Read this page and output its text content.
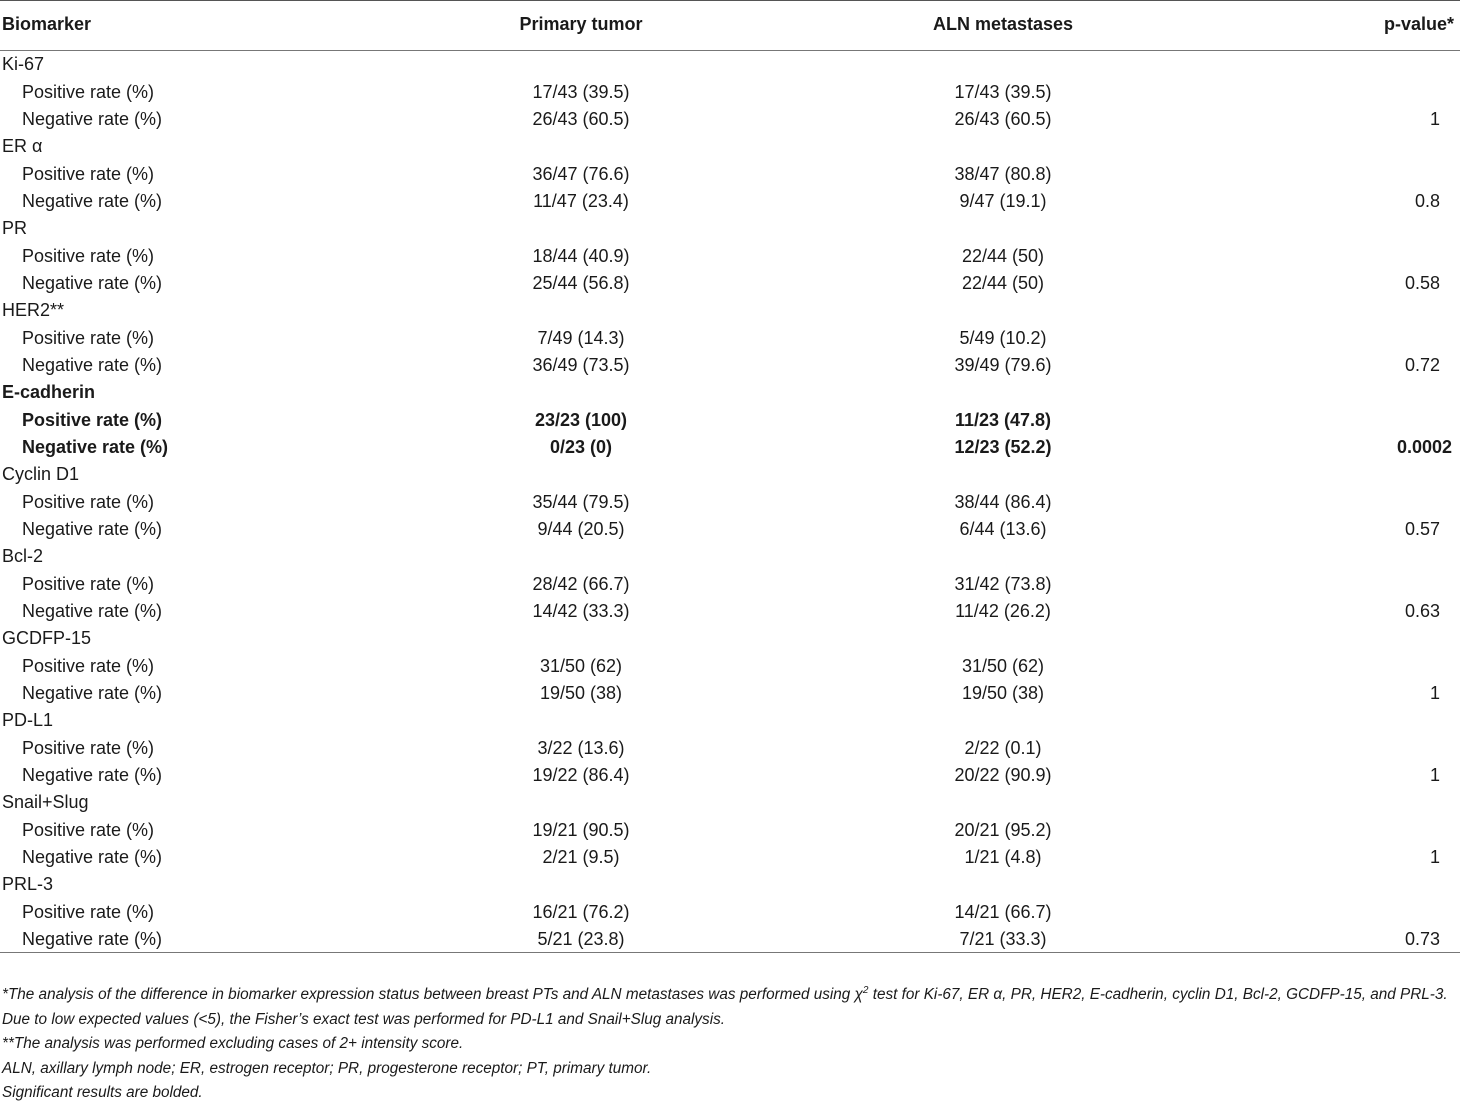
Biomarker	Primary tumor	ALN metastases	p-value*
Ki-67			
Positive rate (%)	17/43 (39.5)	17/43 (39.5)	
Negative rate (%)	26/43 (60.5)	26/43 (60.5)	1
ER α			
Positive rate (%)	36/47 (76.6)	38/47 (80.8)	
Negative rate (%)	11/47 (23.4)	9/47 (19.1)	0.8
PR			
Positive rate (%)	18/44 (40.9)	22/44 (50)	
Negative rate (%)	25/44 (56.8)	22/44 (50)	0.58
HER2**			
Positive rate (%)	7/49 (14.3)	5/49 (10.2)	
Negative rate (%)	36/49 (73.5)	39/49 (79.6)	0.72
E-cadherin			
Positive rate (%)	23/23 (100)	11/23 (47.8)	
Negative rate (%)	0/23 (0)	12/23 (52.2)	0.0002
Cyclin D1			
Positive rate (%)	35/44 (79.5)	38/44 (86.4)	
Negative rate (%)	9/44 (20.5)	6/44 (13.6)	0.57
Bcl-2			
Positive rate (%)	28/42 (66.7)	31/42 (73.8)	
Negative rate (%)	14/42 (33.3)	11/42 (26.2)	0.63
GCDFP-15			
Positive rate (%)	31/50 (62)	31/50 (62)	
Negative rate (%)	19/50 (38)	19/50 (38)	1
PD-L1			
Positive rate (%)	3/22 (13.6)	2/22 (0.1)	
Negative rate (%)	19/22 (86.4)	20/22 (90.9)	1
Snail+Slug			
Positive rate (%)	19/21 (90.5)	20/21 (95.2)	
Negative rate (%)	2/21 (9.5)	1/21 (4.8)	1
PRL-3			
Positive rate (%)	16/21 (76.2)	14/21 (66.7)	
Negative rate (%)	5/21 (23.8)	7/21 (33.3)	0.73

*The analysis of the difference in biomarker expression status between breast PTs and ALN metastases was performed using $\chi^2$ test for Ki-67, ER α, PR, HER2, E-cadherin, cyclin D1, Bcl-2, GCDFP-15, and PRL-3. Due to low expected values (<5), the Fisher’s exact test was performed for PD-L1 and Snail+Slug analysis.

**The analysis was performed excluding cases of 2+ intensity score.

ALN, axillary lymph node; ER, estrogen receptor; PR, progesterone receptor; PT, primary tumor.

Significant results are bolded.
